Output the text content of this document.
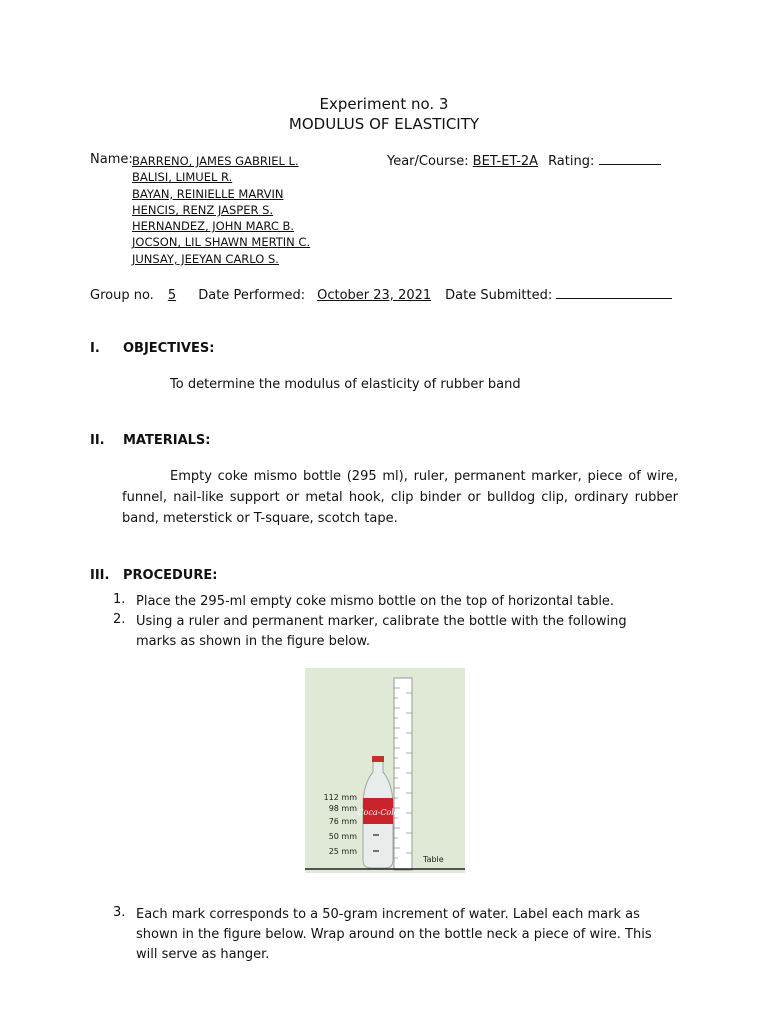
Experiment no. 3
MODULUS OF ELASTICITY
Name: BARRENO, JAMES GABRIEL L.
BALISI, LIMUEL R.
BAYAN, REINIELLE MARVIN
HENCIS, RENZ JASPER S.
HERNANDEZ, JOHN MARC B.
JOCSON, LIL SHAWN MERTIN C.
JUNSAY, JEEYAN CARLO S.
Year/Course: BET-ET-2A Rating:
Group no. 5 Date Performed: October 23, 2021 Date Submitted:
I. OBJECTIVES:
To determine the modulus of elasticity of rubber band
II. MATERIALS:
Empty coke mismo bottle (295 ml), ruler, permanent marker, piece of wire, funnel, nail-like support or metal hook, clip binder or bulldog clip, ordinary rubber band, meterstick or T-square, scotch tape.
III. PROCEDURE:
1. Place the 295-ml empty coke mismo bottle on the top of horizontal table.
2. Using a ruler and permanent marker, calibrate the bottle with the following marks as shown in the figure below.
Coca-Cola
112 mm
98 mm
76 mm
50 mm
25 mm
Table
3. Each mark corresponds to a 50-gram increment of water. Label each mark as shown in the figure below. Wrap around on the bottle neck a piece of wire. This will serve as hanger.
